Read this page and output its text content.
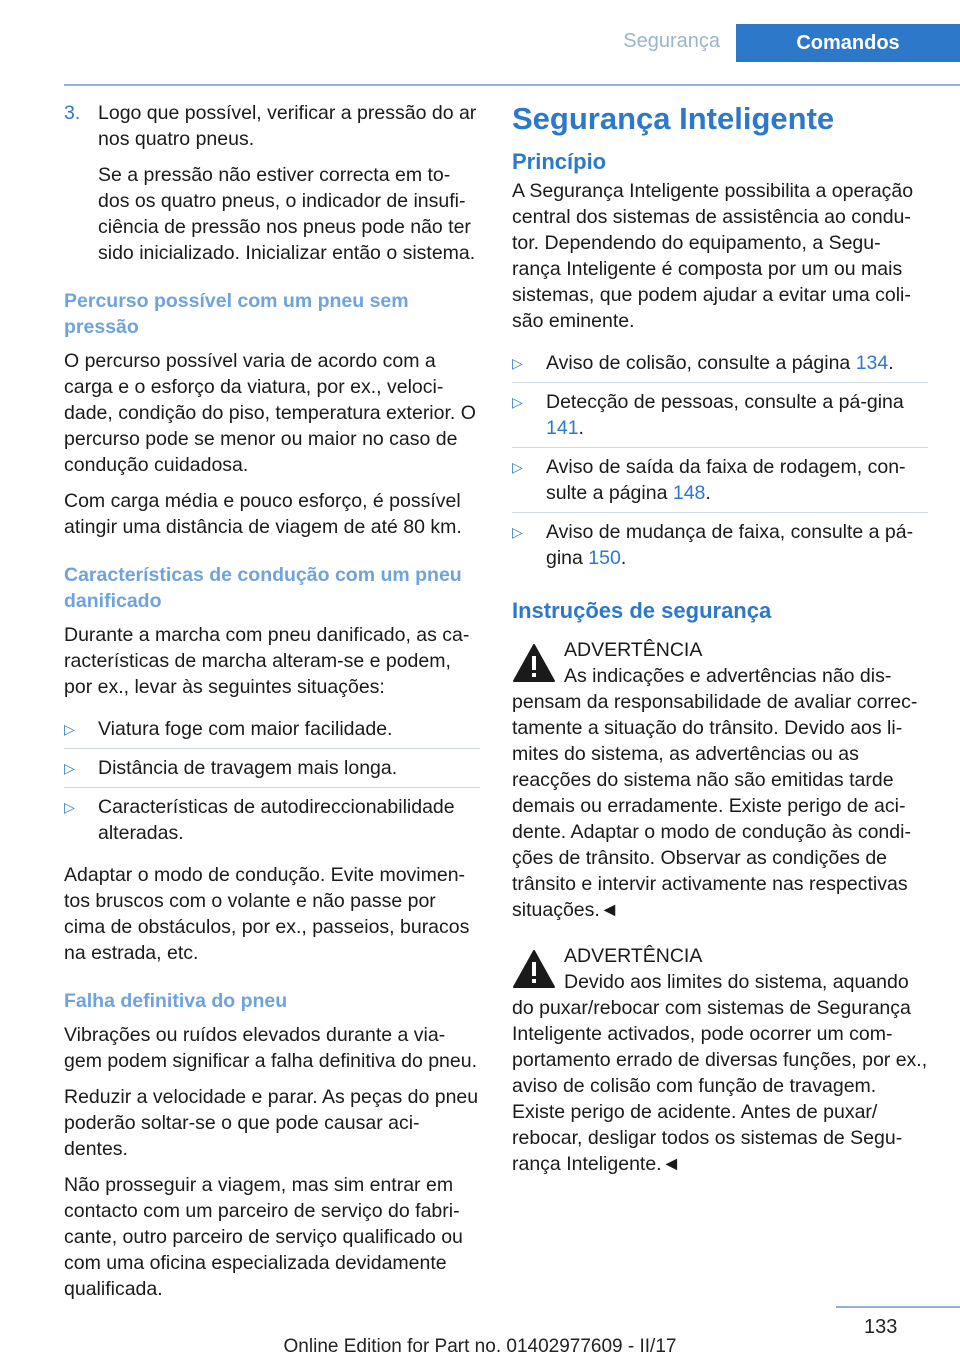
Segurança	Comandos
3. Logo que possível, verificar a pressão do ar nos quatro pneus.

Se a pressão não estiver correcta em to-dos os quatro pneus, o indicador de insufi-ciência de pressão nos pneus pode não ter sido inicializado. Inicializar então o sistema.

Percurso possível com um pneu sem pressão

O percurso possível varia de acordo com a carga e o esforço da viatura, por ex., veloci-dade, condição do piso, temperatura exterior. O percurso pode se menor ou maior no caso de condução cuidadosa.

Com carga média e pouco esforço, é possível atingir uma distância de viagem de até 80 km.

Características de condução com um pneu danificado

Durante a marcha com pneu danificado, as ca-racterísticas de marcha alteram-se e podem, por ex., levar às seguintes situações:

▷	Viatura foge com maior facilidade.
▷	Distância de travagem mais longa.
▷	Características de autodireccionabilidade alteradas.

Adaptar o modo de condução. Evite movimen-tos bruscos com o volante e não passe por cima de obstáculos, por ex., passeios, buracos na estrada, etc.

Falha definitiva do pneu

Vibrações ou ruídos elevados durante a via-gem podem significar a falha definitiva do pneu.

Reduzir a velocidade e parar. As peças do pneu poderão soltar-se o que pode causar aci-dentes.

Não prosseguir a viagem, mas sim entrar em contacto com um parceiro de serviço do fabri-cante, outro parceiro de serviço qualificado ou com uma oficina especializada devidamente qualificada.

Segurança Inteligente
Princípio

A Segurança Inteligente possibilita a operação central dos sistemas de assistência ao condu-tor. Dependendo do equipamento, a Segu-rança Inteligente é composta por um ou mais sistemas, que podem ajudar a evitar uma coli-são eminente.

▷	Aviso de colisão, consulte a página 134.
▷	Detecção de pessoas, consulte a pá-gina 141.
▷	Aviso de saída da faixa de rodagem, con-sulte a página 148.
▷	Aviso de mudança de faixa, consulte a pá-gina 150.
Instruções de segurança
ADVERTÊNCIA
As indicações e advertências não dis-

pensam da responsabilidade de avaliar correc-tamente a situação do trânsito. Devido aos li-mites do sistema, as advertências ou as reacções do sistema não são emitidas tarde demais ou erradamente. Existe perigo de aci-dente. Adaptar o modo de condução às condi-ções de trânsito. Observar as condições de trânsito e intervir activamente nas respectivas situações.◄

ADVERTÊNCIA
Devido aos limites do sistema, aquando

do puxar/rebocar com sistemas de Segurança Inteligente activados, pode ocorrer um com-portamento errado de diversas funções, por ex., aviso de colisão com função de travagem. Existe perigo de acidente. Antes de puxar/ rebocar, desligar todos os sistemas de Segu-rança Inteligente.◄

133
Online Edition for Part no. 01402977609 - II/17
